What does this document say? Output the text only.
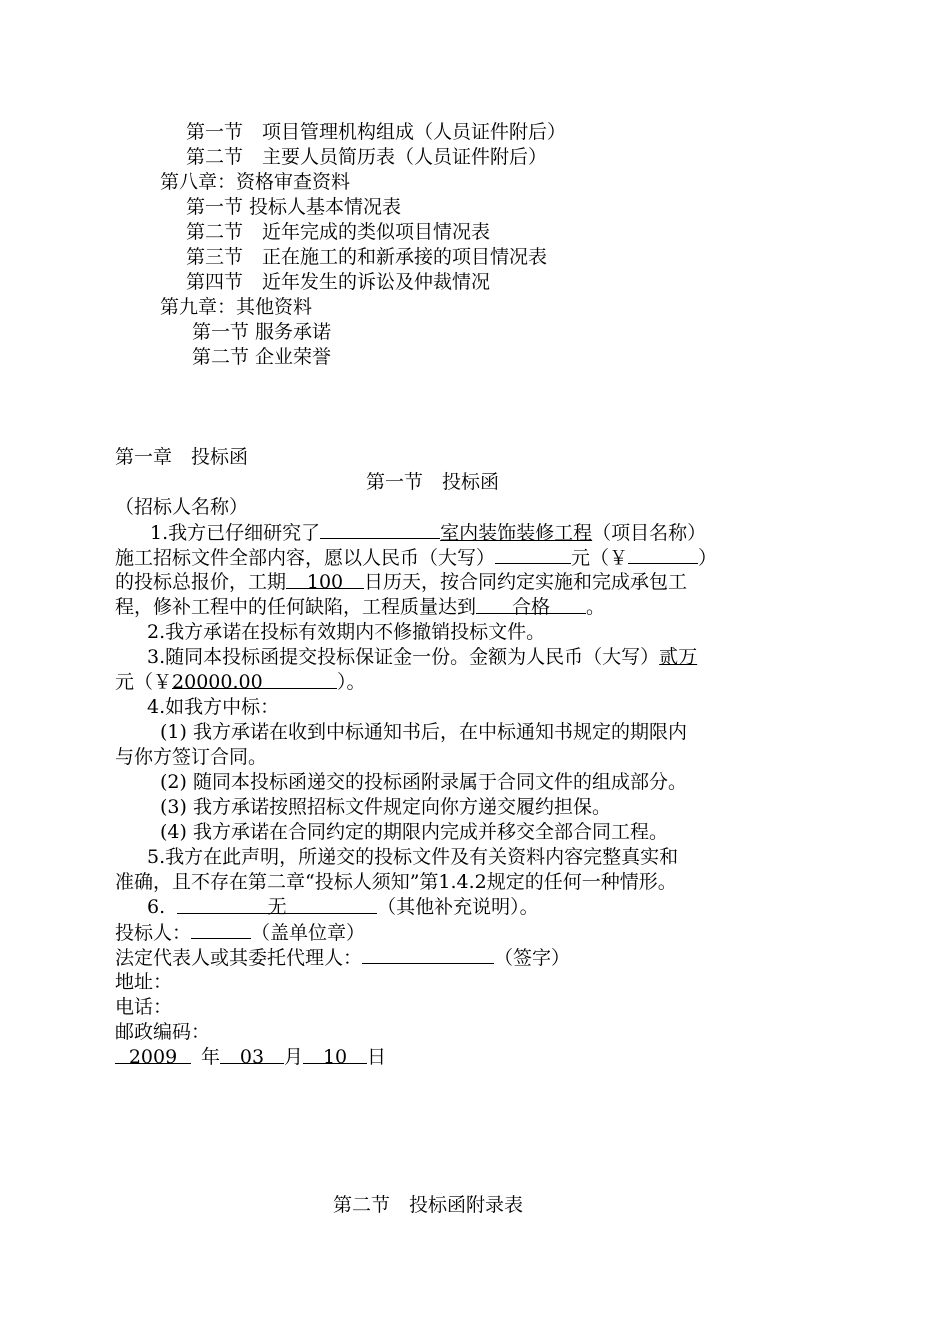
第一节　项目管理机构组成（人员证件附后）
第二节　主要人员简历表（人员证件附后）
第八章：资格审查资料
第一节 投标人基本情况表
第二节　近年完成的类似项目情况表
第三节　正在施工的和新承接的项目情况表
第四节　近年发生的诉讼及仲裁情况
第九章：其他资料
第一节 服务承诺
第二节 企业荣誉
第一章　投标函
第一节　投标函
（招标人名称）
1.我方已仔细研究了	室内装饰装修工程（项目名称）
施工招标文件全部内容，愿以人民币（大写）	元（￥	）
的投标总报价，工期 100 日历天，按合同约定实施和完成承包工
程，修补工程中的任何缺陷，工程质量达到 合格 。
2.我方承诺在投标有效期内不修撤销投标文件。
3.随同本投标函提交投标保证金一份。金额为人民币（大写）贰万
元（￥20000.00	）。
4.如我方中标：
(1) 我方承诺在收到中标通知书后，在中标通知书规定的期限内
与你方签订合同。
(2) 随同本投标函递交的投标函附录属于合同文件的组成部分。
(3) 我方承诺按照招标文件规定向你方递交履约担保。
(4) 我方承诺在合同约定的期限内完成并移交全部合同工程。
5.我方在此声明，所递交的投标文件及有关资料内容完整真实和
准确，且不存在第二章“投标人须知”第1.4.2规定的任何一种情形。
6.	无	（其他补充说明）。
投标人：	（盖单位章）
法定代表人或其委托代理人：	（签字）
地址：
电话：
邮政编码：
2009 年 03 月 10 日
第二节　投标函附录表
